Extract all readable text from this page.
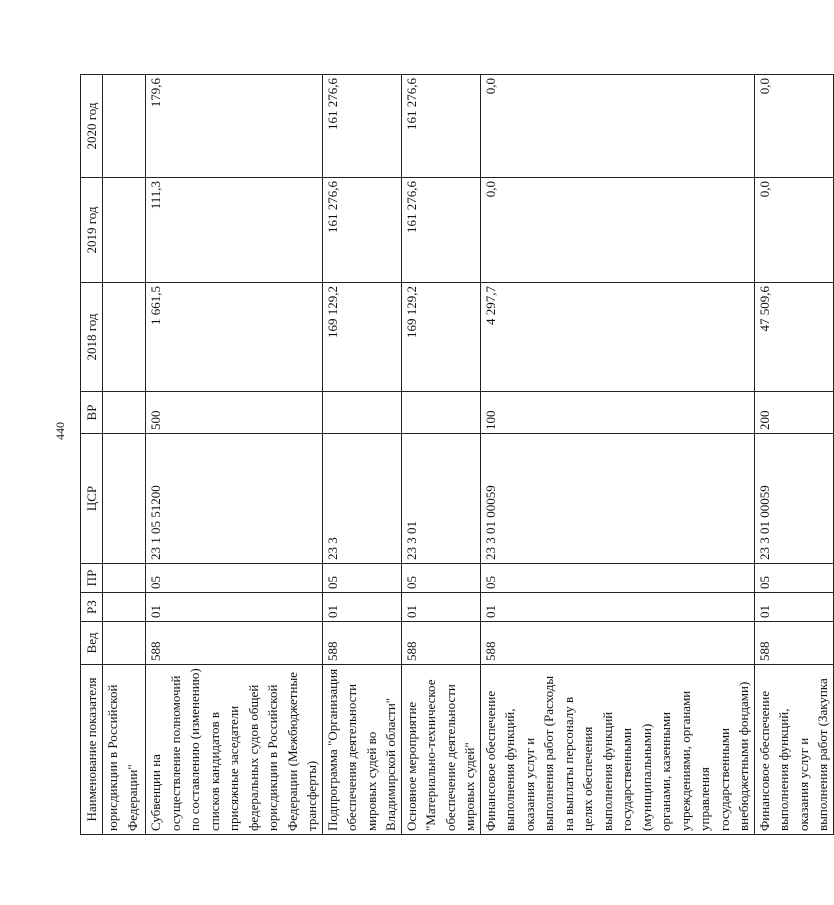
440
Наименование показателя	Вед	РЗ	ПР	ЦСР	ВР	2018 год	2019 год	2020 год
юрисдикции в Российской Федерации"								
Субвенции на осуществление полномочий по составлению (изменению) списков кандидатов в присяжные заседатели федеральных судов общей юрисдикции в Российской Федерации (Межбюджетные трансферты)	588	01	05	23 1 05 51200	500	1 661,5	111,3	179,6
Подпрограмма "Организация обеспечения деятельности мировых судей во Владимирской области"	588	01	05	23 3		169 129,2	161 276,6	161 276,6
Основное мероприятие "Материально-техническое обеспечение деятельности мировых судей"	588	01	05	23 3 01		169 129,2	161 276,6	161 276,6
Финансовое обеспечение выполнения функций, оказания услуг и выполнения работ (Расходы на выплаты персоналу в целях обеспечения выполнения функций государственными (муниципальными) органами, казенными учреждениями, органами управления государственными внебюджетными фондами)	588	01	05	23 3 01 00059	100	4 297,7	0,0	0,0
Финансовое обеспечение выполнения функций, оказания услуг и выполнения работ (Закупка	588	01	05	23 3 01 00059	200	47 509,6	0,0	0,0
